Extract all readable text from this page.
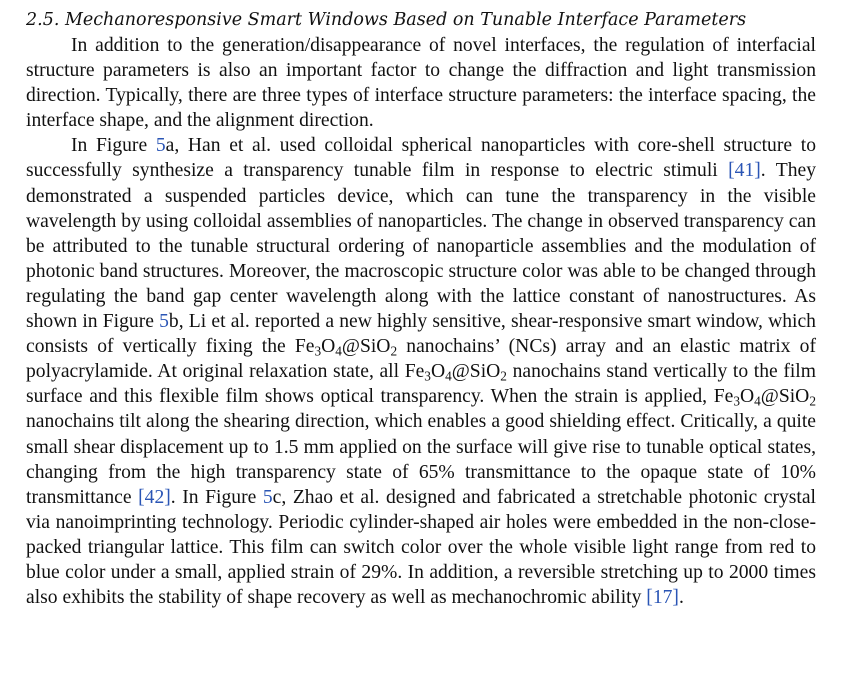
2.5. Mechanoresponsive Smart Windows Based on Tunable Interface Parameters

In addition to the generation/disappearance of novel interfaces, the regulation of interfacial structure parameters is also an important factor to change the diffraction and light transmission direction. Typically, there are three types of interface structure parameters: the interface spacing, the interface shape, and the alignment direction.

In Figure 5a, Han et al. used colloidal spherical nanoparticles with core-shell structure to successfully synthesize a transparency tunable film in response to electric stimuli [41]. They demonstrated a suspended particles device, which can tune the transparency in the visible wavelength by using colloidal assemblies of nanoparticles. The change in observed transparency can be attributed to the tunable structural ordering of nanoparticle assemblies and the modulation of photonic band structures. Moreover, the macroscopic structure color was able to be changed through regulating the band gap center wavelength along with the lattice constant of nanostructures. As shown in Figure 5b, Li et al. reported a new highly sensitive, shear-responsive smart window, which consists of vertically fixing the $Fe_3O_4@SiO_2$ nanochains’ (NCs) array and an elastic matrix of polyacrylamide. At original relaxation state, all $Fe_3O_4@SiO_2$ nanochains stand vertically to the film surface and this flexible film shows optical transparency. When the strain is applied, $Fe_3O_4@SiO_2$ nanochains tilt along the shearing direction, which enables a good shielding effect. Critically, a quite small shear displacement up to 1.5 mm applied on the surface will give rise to tunable optical states, changing from the high transparency state of 65% transmittance to the opaque state of 10% transmittance [42]. In Figure 5c, Zhao et al. designed and fabricated a stretchable photonic crystal via nanoimprinting technology. Periodic cylinder-shaped air holes were embedded in the non-close-packed triangular lattice. This film can switch color over the whole visible light range from red to blue color under a small, applied strain of 29%. In addition, a reversible stretching up to 2000 times also exhibits the stability of shape recovery as well as mechanochromic ability [17].
